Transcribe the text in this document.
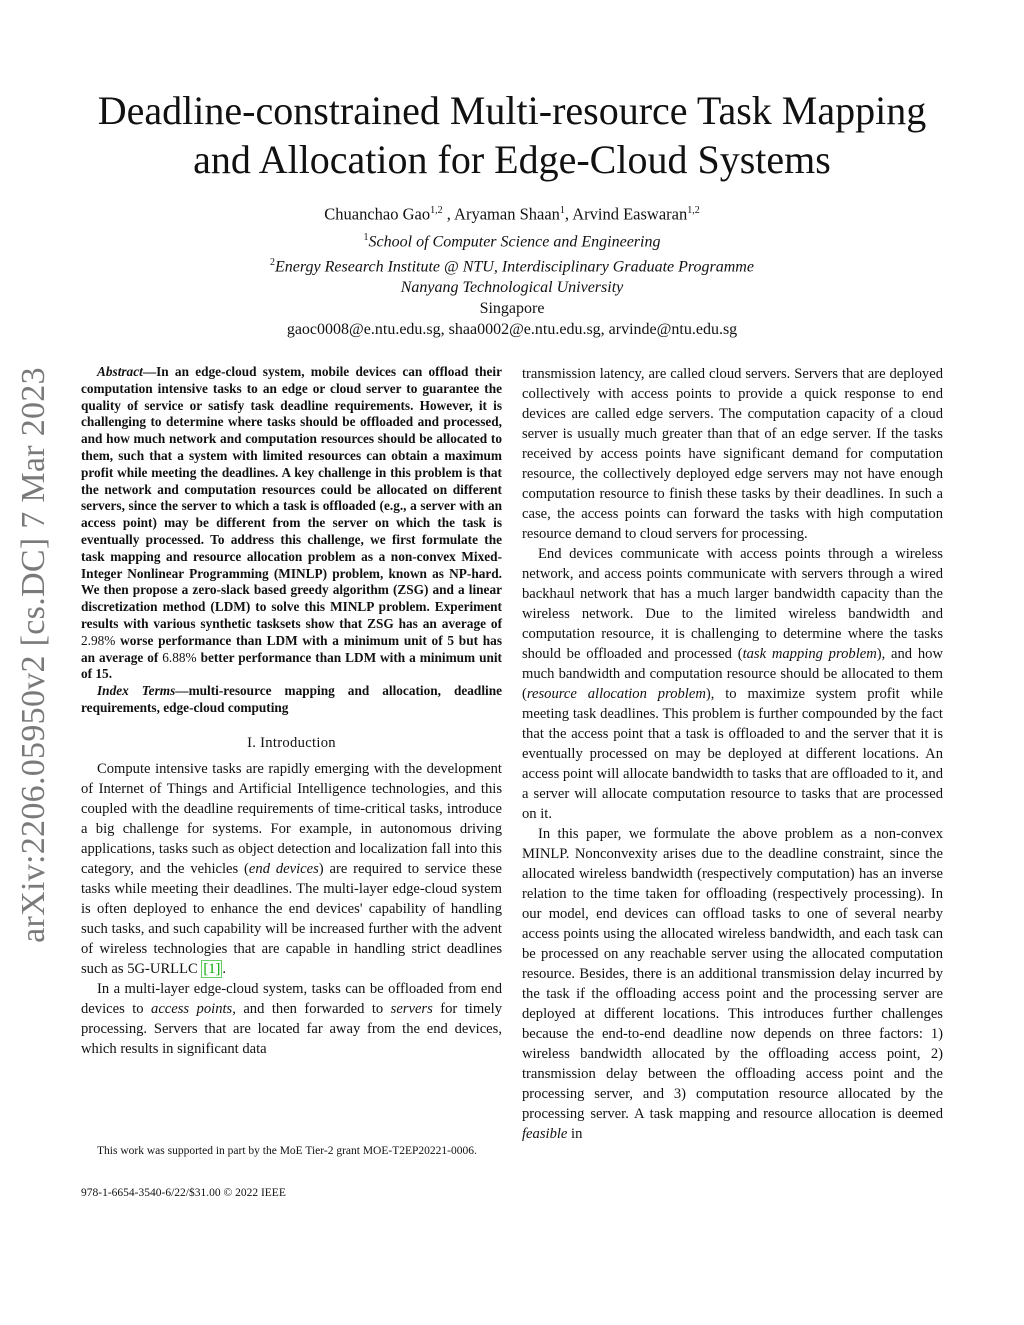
arXiv:2206.05950v2 [cs.DC] 7 Mar 2023
Deadline-constrained Multi-resource Task Mapping
and Allocation for Edge-Cloud Systems
Chuanchao Gao$^{1,2}$ , Aryaman Shaan$^1$, Arvind Easwaran$^{1,2}$
$^1$School of Computer Science and Engineering
$^2$Energy Research Institute @ NTU, Interdisciplinary Graduate Programme
Nanyang Technological University
Singapore
gaoc0008@e.ntu.edu.sg, shaa0002@e.ntu.edu.sg, arvinde@ntu.edu.sg

Abstract—In an edge-cloud system, mobile devices can offload their computation intensive tasks to an edge or cloud server to guarantee the quality of service or satisfy task deadline requirements. However, it is challenging to determine where tasks should be offloaded and processed, and how much network and computation resources should be allocated to them, such that a system with limited resources can obtain a maximum profit while meeting the deadlines. A key challenge in this problem is that the network and computation resources could be allocated on different servers, since the server to which a task is offloaded (e.g., a server with an access point) may be different from the server on which the task is eventually processed. To address this challenge, we first formulate the task mapping and resource allocation problem as a non-convex Mixed-Integer Nonlinear Programming (MINLP) problem, known as NP-hard. We then propose a zero-slack based greedy algorithm (ZSG) and a linear discretization method (LDM) to solve this MINLP problem. Experiment results with various synthetic tasksets show that ZSG has an average of 2.98% worse performance than LDM with a minimum unit of 5 but has an average of 6.88% better performance than LDM with a minimum unit of 15.

Index Terms—multi-resource mapping and allocation, deadline requirements, edge-cloud computing

I. Introduction

Compute intensive tasks are rapidly emerging with the development of Internet of Things and Artificial Intelligence technologies, and this coupled with the deadline requirements of time-critical tasks, introduce a big challenge for systems. For example, in autonomous driving applications, tasks such as object detection and localization fall into this category, and the vehicles (end devices) are required to service these tasks while meeting their deadlines. The multi-layer edge-cloud system is often deployed to enhance the end devices' capability of handling such tasks, and such capability will be increased further with the advent of wireless technologies that are capable in handling strict deadlines such as 5G-URLLC [1] .

In a multi-layer edge-cloud system, tasks can be offloaded from end devices to access points, and then forwarded to servers for timely processing. Servers that are located far away from the end devices, which results in significant data

transmission latency, are called cloud servers. Servers that are deployed collectively with access points to provide a quick response to end devices are called edge servers. The computation capacity of a cloud server is usually much greater than that of an edge server. If the tasks received by access points have significant demand for computation resource, the collectively deployed edge servers may not have enough computation resource to finish these tasks by their deadlines. In such a case, the access points can forward the tasks with high computation resource demand to cloud servers for processing.

End devices communicate with access points through a wireless network, and access points communicate with servers through a wired backhaul network that has a much larger bandwidth capacity than the wireless network. Due to the limited wireless bandwidth and computation resource, it is challenging to determine where the tasks should be offloaded and processed (task mapping problem), and how much bandwidth and computation resource should be allocated to them (resource allocation problem), to maximize system profit while meeting task deadlines. This problem is further compounded by the fact that the access point that a task is offloaded to and the server that it is eventually processed on may be deployed at different locations. An access point will allocate bandwidth to tasks that are offloaded to it, and a server will allocate computation resource to tasks that are processed on it.

In this paper, we formulate the above problem as a non-convex MINLP. Nonconvexity arises due to the deadline constraint, since the allocated wireless bandwidth (respectively computation) has an inverse relation to the time taken for offloading (respectively processing). In our model, end devices can offload tasks to one of several nearby access points using the allocated wireless bandwidth, and each task can be processed on any reachable server using the allocated computation resource. Besides, there is an additional transmission delay incurred by the task if the offloading access point and the processing server are deployed at different locations. This introduces further challenges because the end-to-end deadline now depends on three factors: 1) wireless bandwidth allocated by the offloading access point, 2) transmission delay between the offloading access point and the processing server, and 3) computation resource allocated by the processing server. A task mapping and resource allocation is deemed feasible in

This work was supported in part by the MoE Tier-2 grant MOE-T2EP20221-0006.

978-1-6654-3540-6/22/$31.00 © 2022 IEEE
